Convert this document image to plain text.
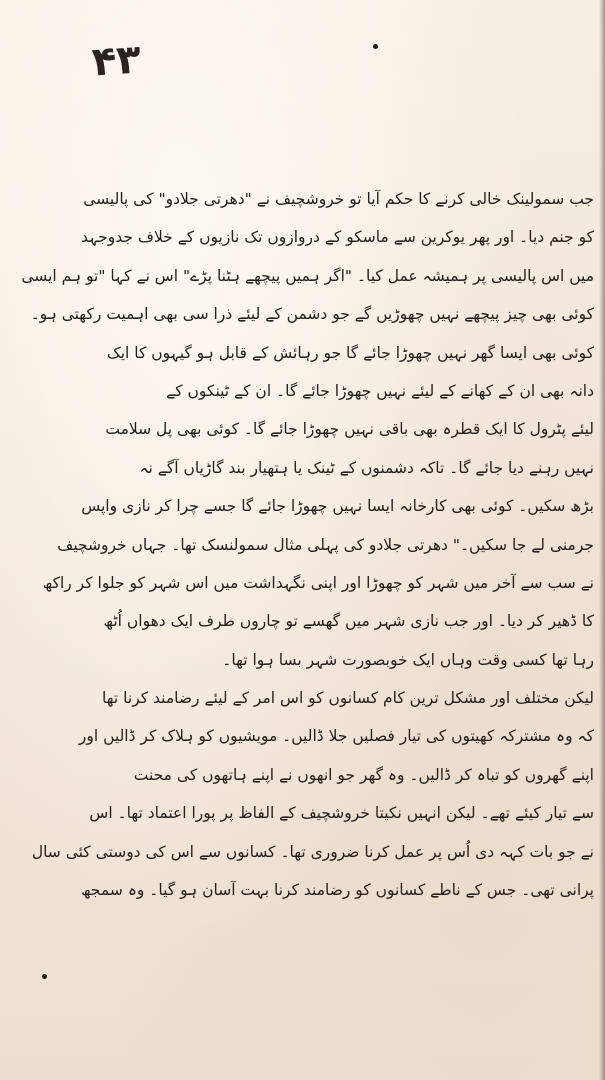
۴۳
جب سمولینک خالی کرنے کا حکم آیا تو خروشچیف نے "دھرتی جلادو" کی پالیسی
کو جنم دیا۔ اور پھر یوکرین سے ماسکو کے دروازوں تک نازیوں کے خلاف جدوجہد
میں اس پالیسی پر ہمیشہ عمل کیا۔ "اگر ہمیں پیچھے ہٹنا پڑے" اس نے کہا "تو ہم ایسی
کوئی بھی چیز پیچھے نہیں چھوڑیں گے جو دشمن کے لیئے ذرا سی بھی اہمیت رکھتی ہو۔
کوئی بھی ایسا گھر نہیں چھوڑا جائے گا جو رہائش کے قابل ہو گیہوں کا ایک
دانہ بھی ان کے کھانے کے لیئے نہیں چھوڑا جائے گا۔ ان کے ٹینکوں کے
لیئے پٹرول کا ایک قطرہ بھی باقی نہیں چھوڑا جائے گا۔ کوئی بھی پل سلامت
نہیں رہنے دیا جائے گا۔ تاکہ دشمنوں کے ٹینک یا ہتھیار بند گاڑیاں آگے نہ
بڑھ سکیں۔ کوئی بھی کارخانہ ایسا نہیں چھوڑا جائے گا جسے چرا کر نازی واپس
جرمنی لے جا سکیں۔" دھرتی جلادو کی پہلی مثال سمولنسک تھا۔ جہاں خروشچیف
نے سب سے آخر میں شہر کو چھوڑا اور اپنی نگہداشت میں اس شہر کو جلوا کر راکھ
کا ڈھیر کر دیا۔ اور جب نازی شہر میں گھسے تو چاروں طرف ایک دھواں اُٹھ
رہا تھا کسی وقت وہاں ایک خوبصورت شہر بسا ہوا تھا۔
لیکن مختلف اور مشکل ترین کام کسانوں کو اس امر کے لیئے رضامند کرنا تھا
کہ وہ مشترکہ کھیتوں کی تیار فصلیں جلا ڈالیں۔ مویشیوں کو ہلاک کر ڈالیں اور
اپنے گھروں کو تباہ کر ڈالیں۔ وہ گھر جو انھوں نے اپنے ہاتھوں کی محنت
سے تیار کیئے تھے۔ لیکن انہیں نکیتا خروشچیف کے الفاظ پر پورا اعتماد تھا۔ اس
نے جو بات کہہ دی اُس پر عمل کرنا ضروری تھا۔ کسانوں سے اس کی دوستی کئی سال
پرانی تھی۔ جس کے ناطے کسانوں کو رضامند کرنا بہت آسان ہو گیا۔ وہ سمجھ
